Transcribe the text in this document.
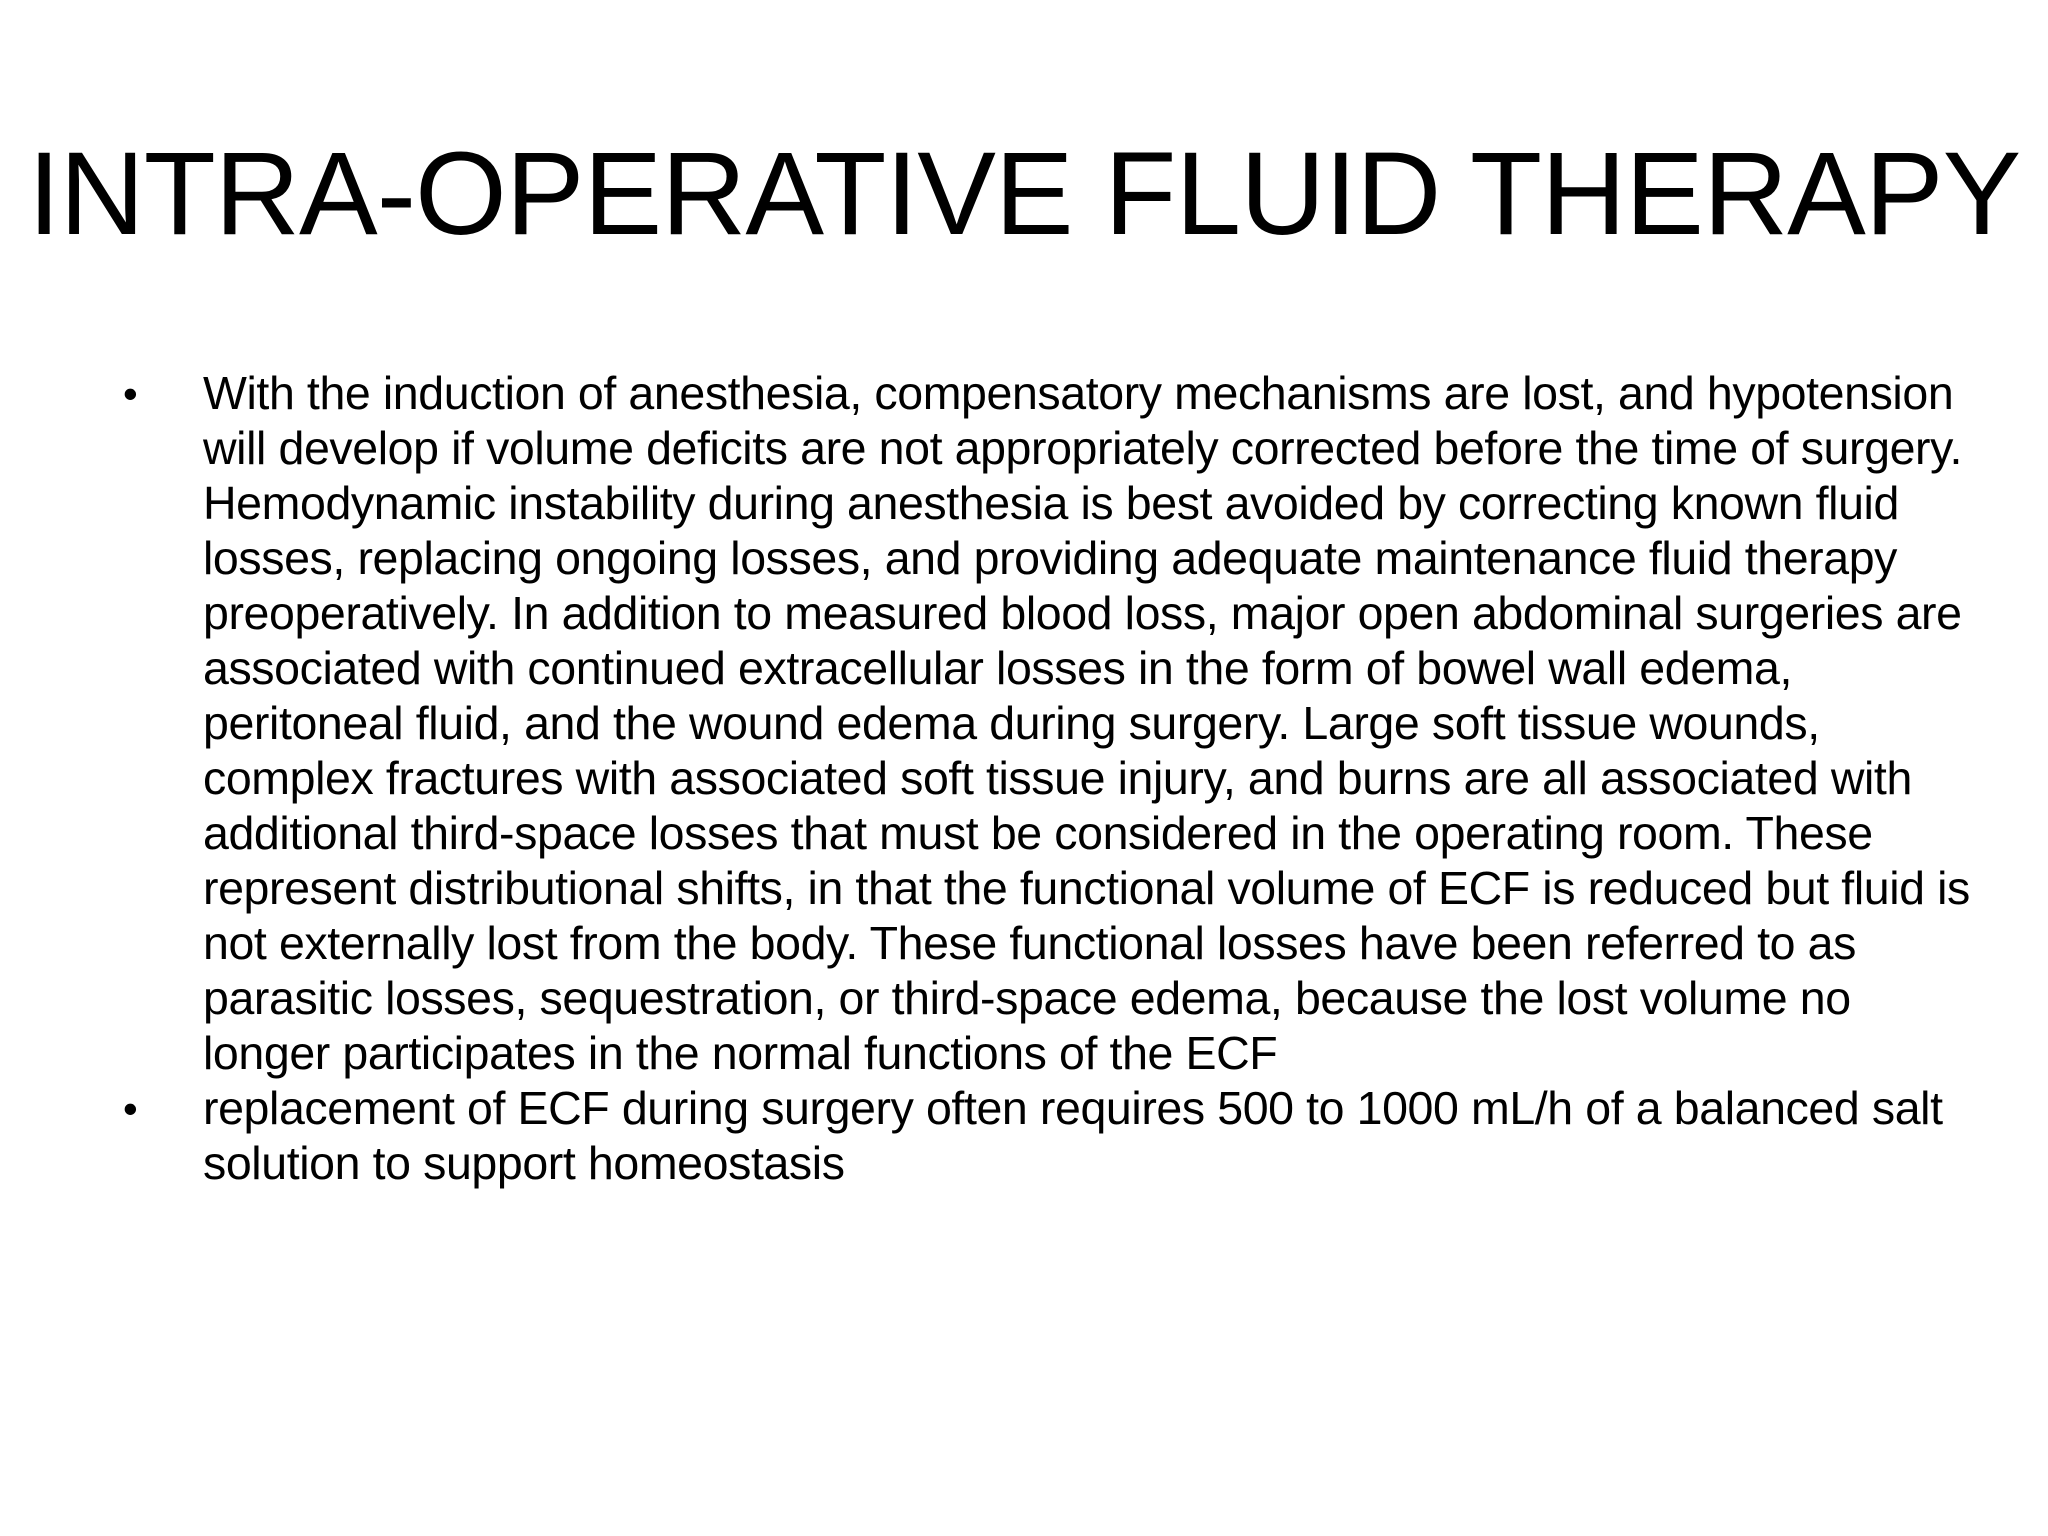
INTRA-OPERATIVE FLUID THERAPY
• With the induction of anesthesia, compensatory mechanisms are lost, and hypotension will develop if volume deficits are not appropriately corrected before the time of surgery. Hemodynamic instability during anesthesia is best avoided by correcting known fluid losses, replacing ongoing losses, and providing adequate maintenance fluid therapy preoperatively. In addition to measured blood loss, major open abdominal surgeries are associated with continued extracellular losses in the form of bowel wall edema, peritoneal fluid, and the wound edema during surgery. Large soft tissue wounds, complex fractures with associated soft tissue injury, and burns are all associated with additional third-space losses that must be considered in the operating room. These represent distributional shifts, in that the functional volume of ECF is reduced but fluid is not externally lost from the body. These functional losses have been referred to as parasitic losses, sequestration, or third-space edema, because the lost volume no longer participates in the normal functions of the ECF
• replacement of ECF during surgery often requires 500 to 1000 mL/h of a balanced salt solution to support homeostasis
